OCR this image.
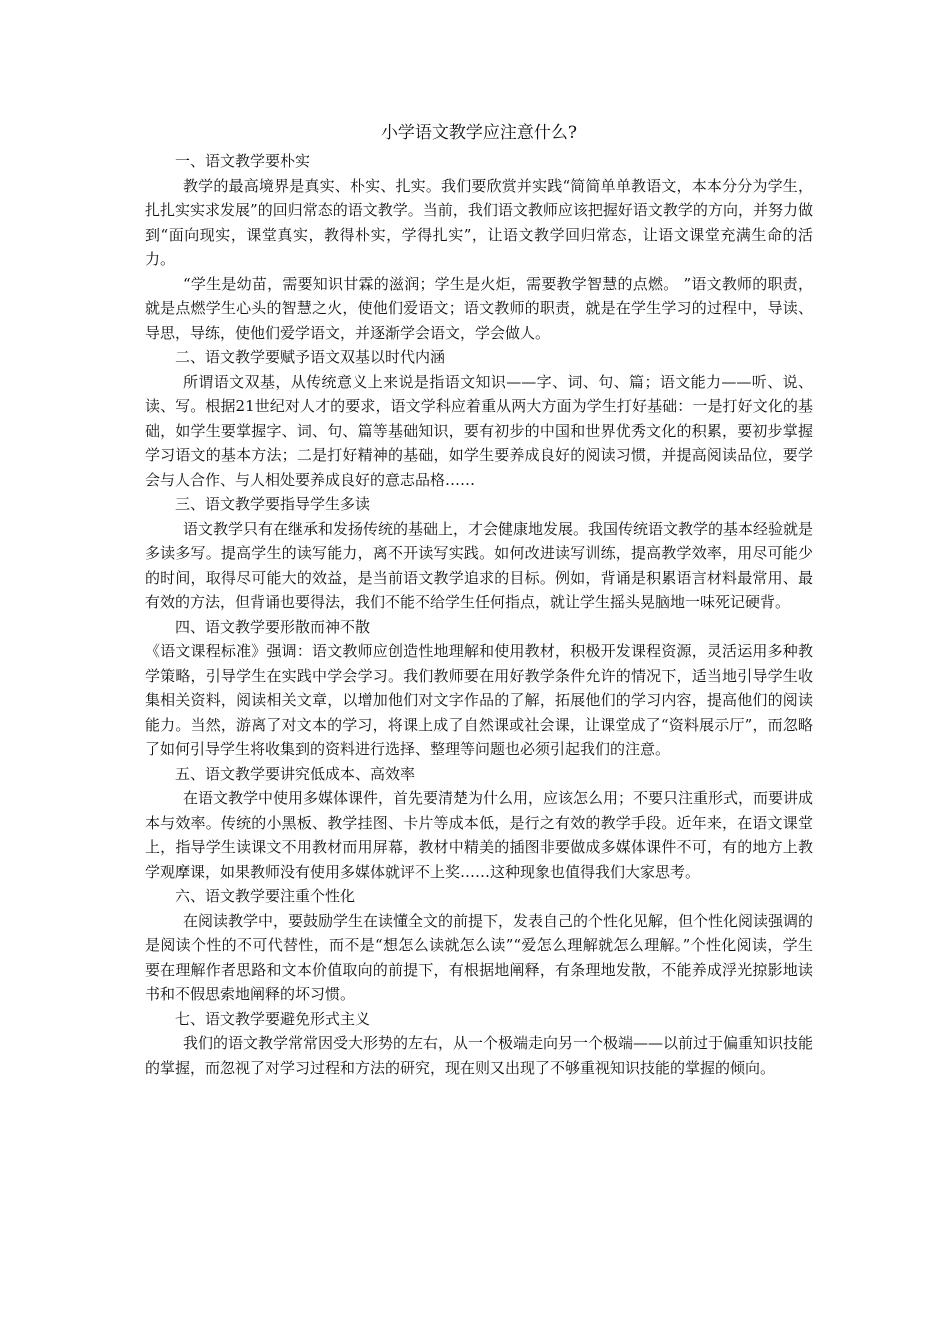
小学语文教学应注意什么?

一、语文教学要朴实

教学的最高境界是真实、朴实、扎实。我们要欣赏并实践“简简单单教语文，本本分分为学生，扎扎实实求发展”的回归常态的语文教学。当前，我们语文教师应该把握好语文教学的方向，并努力做到“面向现实，课堂真实，教得朴实，学得扎实”，让语文教学回归常态，让语文课堂充满生命的活力。

“学生是幼苗，需要知识甘霖的滋润；学生是火炬，需要教学智慧的点燃。 ”语文教师的职责，就是点燃学生心头的智慧之火，使他们爱语文；语文教师的职责，就是在学生学习的过程中，导读、导思，导练，使他们爱学语文，并逐渐学会语文，学会做人。

二、语文教学要赋予语文双基以时代内涵

所谓语文双基，从传统意义上来说是指语文知识——字、词、句、篇；语文能力——听、说、读、写。根据21世纪对人才的要求，语文学科应着重从两大方面为学生打好基础：一是打好文化的基础，如学生要掌握字、词、句、篇等基础知识，要有初步的中国和世界优秀文化的积累，要初步掌握学习语文的基本方法；二是打好精神的基础，如学生要养成良好的阅读习惯，并提高阅读品位，要学会与人合作、与人相处要养成良好的意志品格……

三、语文教学要指导学生多读

语文教学只有在继承和发扬传统的基础上，才会健康地发展。我国传统语文教学的基本经验就是多读多写。提高学生的读写能力，离不开读写实践。如何改进读写训练，提高教学效率，用尽可能少的时间，取得尽可能大的效益，是当前语文教学追求的目标。例如，背诵是积累语言材料最常用、最有效的方法，但背诵也要得法，我们不能不给学生任何指点，就让学生摇头晃脑地一味死记硬背。

四、语文教学要形散而神不散

《语文课程标准》强调：语文教师应创造性地理解和使用教材，积极开发课程资源，灵活运用多种教学策略，引导学生在实践中学会学习。我们教师要在用好教学条件允许的情况下，适当地引导学生收集相关资料，阅读相关文章，以增加他们对文字作品的了解，拓展他们的学习内容，提高他们的阅读能力。当然，游离了对文本的学习，将课上成了自然课或社会课，让课堂成了“资料展示厅”，而忽略了如何引导学生将收集到的资料进行选择、整理等问题也必须引起我们的注意。

五、语文教学要讲究低成本、高效率

在语文教学中使用多媒体课件，首先要清楚为什么用，应该怎么用；不要只注重形式，而要讲成本与效率。传统的小黑板、教学挂图、卡片等成本低，是行之有效的教学手段。近年来，在语文课堂上，指导学生读课文不用教材而用屏幕，教材中精美的插图非要做成多媒体课件不可，有的地方上教学观摩课，如果教师没有使用多媒体就评不上奖……这种现象也值得我们大家思考。

六、语文教学要注重个性化

在阅读教学中，要鼓励学生在读懂全文的前提下，发表自己的个性化见解，但个性化阅读强调的是阅读个性的不可代替性，而不是“想怎么读就怎么读”“爱怎么理解就怎么理解。”个性化阅读，学生要在理解作者思路和文本价值取向的前提下，有根据地阐释，有条理地发散，不能养成浮光掠影地读书和不假思索地阐释的坏习惯。

七、语文教学要避免形式主义

我们的语文教学常常因受大形势的左右，从一个极端走向另一个极端——以前过于偏重知识技能的掌握，而忽视了对学习过程和方法的研究，现在则又出现了不够重视知识技能的掌握的倾向。
